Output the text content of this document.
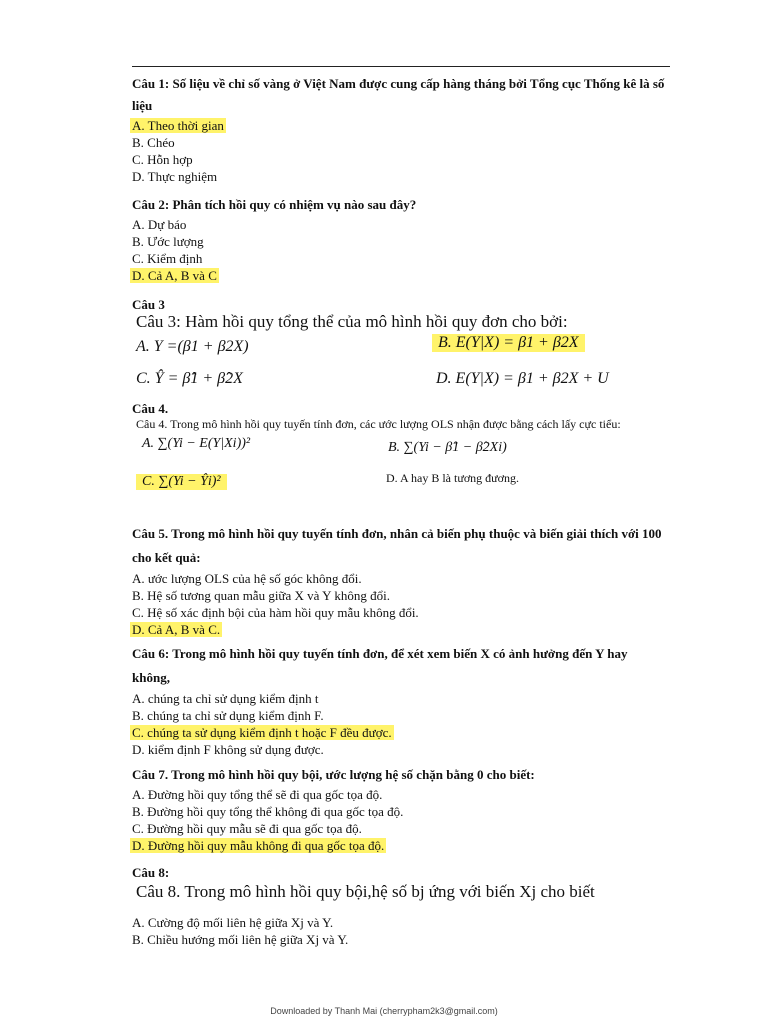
Câu 1: Số liệu về chỉ số vàng ở Việt Nam được cung cấp hàng tháng bởi Tổng cục Thống kê là số liệu

A. Theo thời gian

B. Chéo

C. Hỗn hợp

D. Thực nghiệm

Câu 2: Phân tích hồi quy có nhiệm vụ nào sau đây?

A. Dự báo

B. Ước lượng

C. Kiểm định

D. Cả A, B và C

Câu 3

Câu 3: Hàm hồi quy tổng thể của mô hình hồi quy đơn cho bởi:
A. Y =(β1 + β2X)	B. E(Y|X) = β1 + β2X
C. Ŷ = β̂1 + β̂2X	D. E(Y|X) = β1 + β2X + U

Câu 4.

Câu 4. Trong mô hình hồi quy tuyến tính đơn, các ước lượng OLS nhận được bằng cách lấy cực tiểu:
A. ∑(Yi − E(Y|Xi))²	B. ∑(Yi − β̂1 − β̂2Xi)
C. ∑(Yi − Ŷi)²	D. A hay B là tương đương.

Câu 5. Trong mô hình hồi quy tuyến tính đơn, nhân cả biến phụ thuộc và biến giải thích với 100 cho kết quả:

A. ước lượng OLS của hệ số góc không đổi.

B. Hệ số tương quan mẫu giữa X và Y không đổi.

C. Hệ số xác định bội của hàm hồi quy mẫu không đổi.

D. Cả A, B và C.

Câu 6: Trong mô hình hồi quy tuyến tính đơn, để xét xem biến X có ảnh hưởng đến Y hay không,

A. chúng ta chỉ sử dụng kiểm định t

B. chúng ta chỉ sử dụng kiểm định F.

C. chúng ta sử dụng kiểm định t hoặc F đều được.

D. kiểm định F không sử dụng được.

Câu 7. Trong mô hình hồi quy bội, ước lượng hệ số chặn bằng 0 cho biết:

A. Đường hồi quy tổng thể sẽ đi qua gốc tọa độ.

B. Đường hồi quy tổng thể không đi qua gốc tọa độ.

C. Đường hồi quy mẫu sẽ đi qua gốc tọa độ.

D. Đường hồi quy mẫu không đi qua gốc tọa độ.

Câu 8:

Câu 8. Trong mô hình hồi quy bội,hệ số bj ứng với biến Xj cho biết

A. Cường độ mối liên hệ giữa Xj và Y.

B. Chiều hướng mối liên hệ giữa Xj và Y.

Downloaded by Thanh Mai (cherrypham2k3@gmail.com)
